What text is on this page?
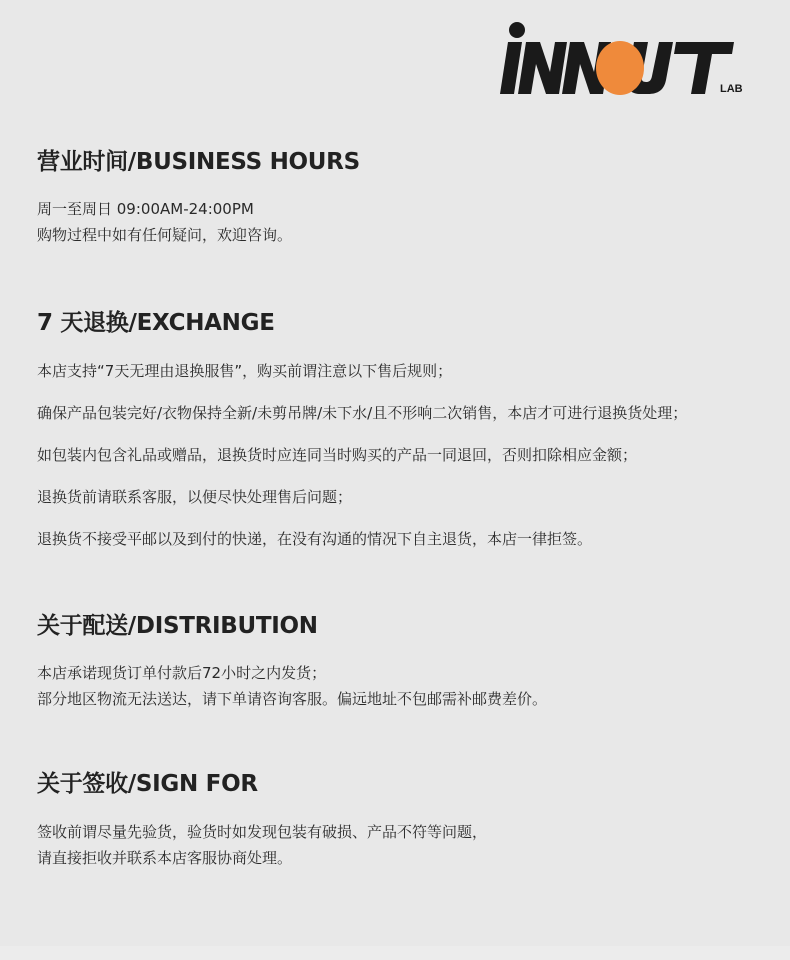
LAB
营业时间/BUSINESS HOURS
周一至周日 09:00AM-24:00PM
购物过程中如有任何疑问，欢迎咨询。
7 天退换/EXCHANGE
本店支持“7天无理由退换服售”，购买前谓注意以下售后规则；
确保产品包装完好/衣物保持全新/未剪吊牌/未下水/且不形响二次销售，本店才可进行退换货处理；
如包装内包含礼品或赠品，退换货时应连同当时购买的产品一同退回，否则扣除相应金额；
退换货前请联系客服，以便尽快处理售后问题；
退换货不接受平邮以及到付的快递，在没有沟通的情况下自主退货，本店一律拒签。
关于配送/DISTRIBUTION
本店承诺现货订单付款后72小时之内发货；
部分地区物流无法送达，请下单请咨询客服。偏远地址不包邮需补邮费差价。
关于签收/SIGN FOR
签收前谓尽量先验货，验货时如发现包装有破损、产品不符等问题，
请直接拒收并联系本店客服协商处理。
